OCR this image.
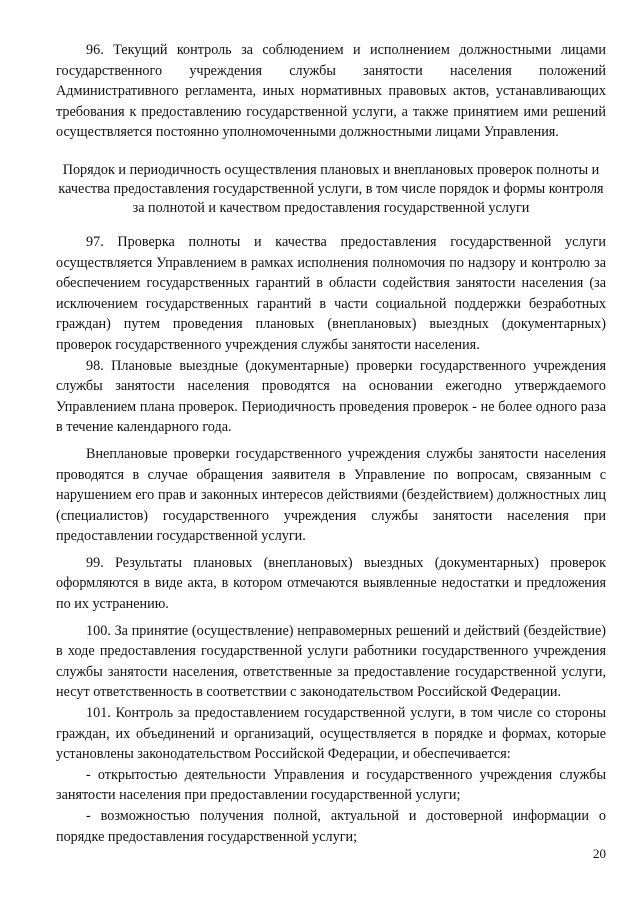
96. Текущий контроль за соблюдением и исполнением должностными лицами государственного учреждения службы занятости населения положений Административного регламента, иных нормативных правовых актов, устанавливающих требования к предоставлению государственной услуги, а также принятием ими решений осуществляется постоянно уполномоченными должностными лицами Управления.

Порядок и периодичность осуществления плановых и внеплановых проверок полноты и качества предоставления государственной услуги, в том числе порядок и формы контроля за полнотой и качеством предоставления государственной услуги

97. Проверка полноты и качества предоставления государственной услуги осуществляется Управлением в рамках исполнения полномочия по надзору и контролю за обеспечением государственных гарантий в области содействия занятости населения (за исключением государственных гарантий в части социальной поддержки безработных граждан) путем проведения плановых (внеплановых) выездных (документарных) проверок государственного учреждения службы занятости населения.

98. Плановые выездные (документарные) проверки государственного учреждения службы занятости населения проводятся на основании ежегодно утверждаемого Управлением плана проверок. Периодичность проведения проверок - не более одного раза в течение календарного года.

Внеплановые проверки государственного учреждения службы занятости населения проводятся в случае обращения заявителя в Управление по вопросам, связанным с нарушением его прав и законных интересов действиями (бездействием) должностных лиц (специалистов) государственного учреждения службы занятости населения при предоставлении государственной услуги.

99. Результаты плановых (внеплановых) выездных (документарных) проверок оформляются в виде акта, в котором отмечаются выявленные недостатки и предложения по их устранению.

100. За принятие (осуществление) неправомерных решений и действий (бездействие) в ходе предоставления государственной услуги работники государственного учреждения службы занятости населения, ответственные за предоставление государственной услуги, несут ответственность в соответствии с законодательством Российской Федерации.

101. Контроль за предоставлением государственной услуги, в том числе со стороны граждан, их объединений и организаций, осуществляется в порядке и формах, которые установлены законодательством Российской Федерации, и обеспечивается:

- открытостью деятельности Управления и государственного учреждения службы занятости населения при предоставлении государственной услуги;

- возможностью получения полной, актуальной и достоверной информации о порядке предоставления государственной услуги;

20
